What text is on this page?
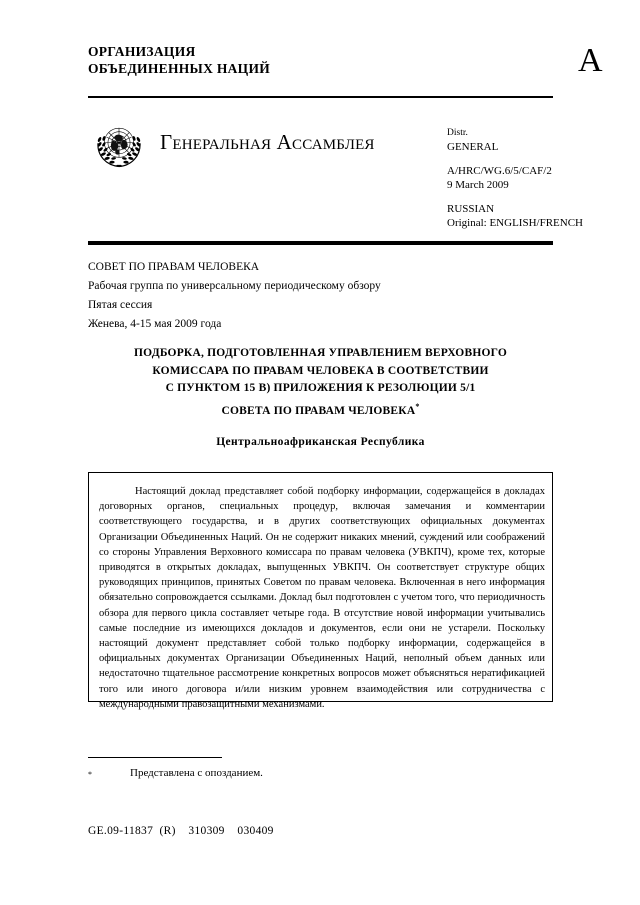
ОРГАНИЗАЦИЯ
ОБЪЕДИНЕННЫХ НАЦИЙ	A
Генеральная Ассамблея	Distr.
GENERAL
A/HRC/WG.6/5/CAF/2
9 March 2009
RUSSIAN
Original: ENGLISH/FRENCH
СОВЕТ ПО ПРАВАМ ЧЕЛОВЕКА
Рабочая группа по универсальному периодическому обзору
Пятая сессия
Женева, 4-15 мая 2009 года
ПОДБОРКА, ПОДГОТОВЛЕННАЯ УПРАВЛЕНИЕМ ВЕРХОВНОГО
КОМИССАРА ПО ПРАВАМ ЧЕЛОВЕКА В СООТВЕТСТВИИ
С ПУНКТОМ 15 В) ПРИЛОЖЕНИЯ К РЕЗОЛЮЦИИ 5/1
СОВЕТА ПО ПРАВАМ ЧЕЛОВЕКА*
Центральноафриканская Республика
Настоящий доклад представляет собой подборку информации, содержащейся в докладах договорных органов, специальных процедур, включая замечания и комментарии соответствующего государства, и в других соответствующих официальных документах Организации Объединенных Наций. Он не содержит никаких мнений, суждений или соображений со стороны Управления Верховного комиссара по правам человека (УВКПЧ), кроме тех, которые приводятся в открытых докладах, выпущенных УВКПЧ. Он соответствует структуре общих руководящих принципов, принятых Советом по правам человека. Включенная в него информация обязательно сопровождается ссылками. Доклад был подготовлен с учетом того, что периодичность обзора для первого цикла составляет четыре года. В отсутствие новой информации учитывались самые последние из имеющихся докладов и документов, если они не устарели. Поскольку настоящий документ представляет собой только подборку информации, содержащейся в официальных документах Организации Объединенных Наций, неполный объем данных или недостаточно тщательное рассмотрение конкретных вопросов может объясняться нератификацией того или иного договора и/или низким уровнем взаимодействия или сотрудничества с международными правозащитными механизмами.
*	Представлена с опозданием.
GE.09-11837  (R)    310309    030409
